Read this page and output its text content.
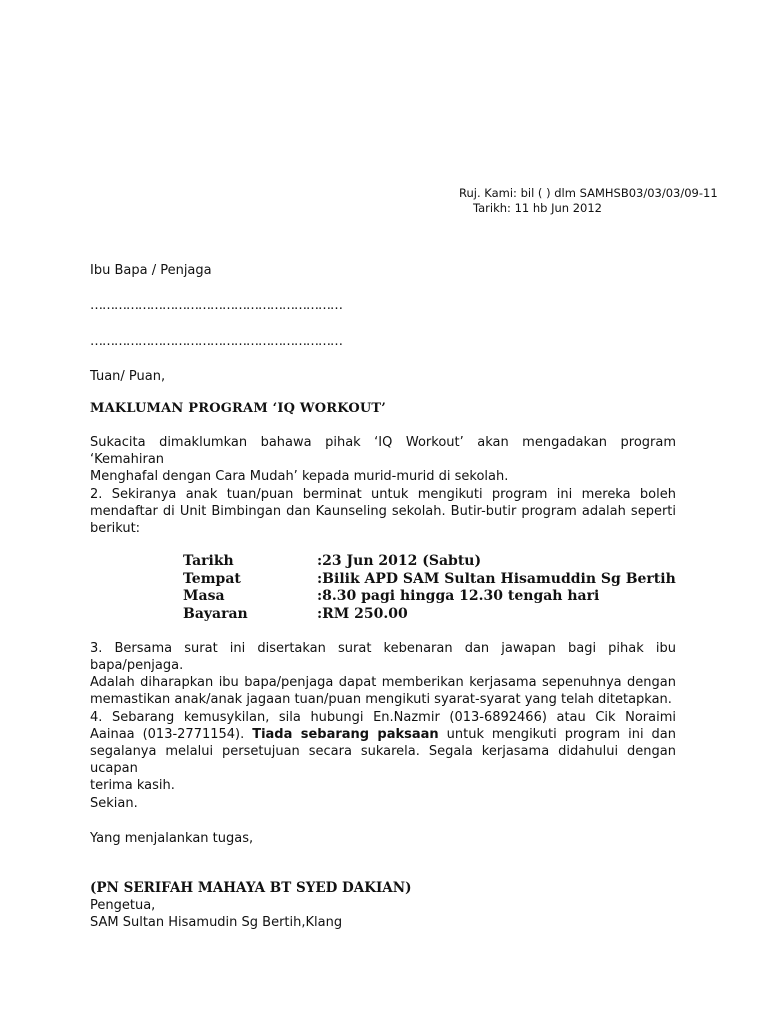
Ruj. Kami: bil ( ) dlm SAMHSB03/03/03/09-11
Tarikh: 11 hb Jun 2012
Ibu Bapa / Penjaga
………………………………………………………
………………………………………………………
Tuan/ Puan,
MAKLUMAN PROGRAM ‘IQ WORKOUT’
Sukacita dimaklumkan bahawa pihak ‘IQ Workout’ akan mengadakan program ‘Kemahiran
Menghafal dengan Cara Mudah’ kepada murid-murid di sekolah.
2. Sekiranya anak tuan/puan berminat untuk mengikuti program ini mereka boleh
mendaftar di Unit Bimbingan dan Kaunseling sekolah. Butir-butir program adalah seperti
berikut:
Tarikh	:23 Jun 2012 (Sabtu)
Tempat	:Bilik APD SAM Sultan Hisamuddin Sg Bertih
Masa	:8.30 pagi hingga 12.30 tengah hari
Bayaran	:RM 250.00
3. Bersama surat ini disertakan surat kebenaran dan jawapan bagi pihak ibu bapa/penjaga.
Adalah diharapkan ibu bapa/penjaga dapat memberikan kerjasama sepenuhnya dengan
memastikan anak/anak jagaan tuan/puan mengikuti syarat-syarat yang telah ditetapkan.
4. Sebarang kemusykilan, sila hubungi En.Nazmir (013-6892466) atau Cik Noraimi
Aainaa (013-2771154). Tiada sebarang paksaan untuk mengikuti program ini dan
segalanya melalui persetujuan secara sukarela. Segala kerjasama didahului dengan ucapan
terima kasih.
Sekian.
Yang menjalankan tugas,
(PN SERIFAH MAHAYA BT SYED DAKIAN)
Pengetua,
SAM Sultan Hisamudin Sg Bertih,Klang
